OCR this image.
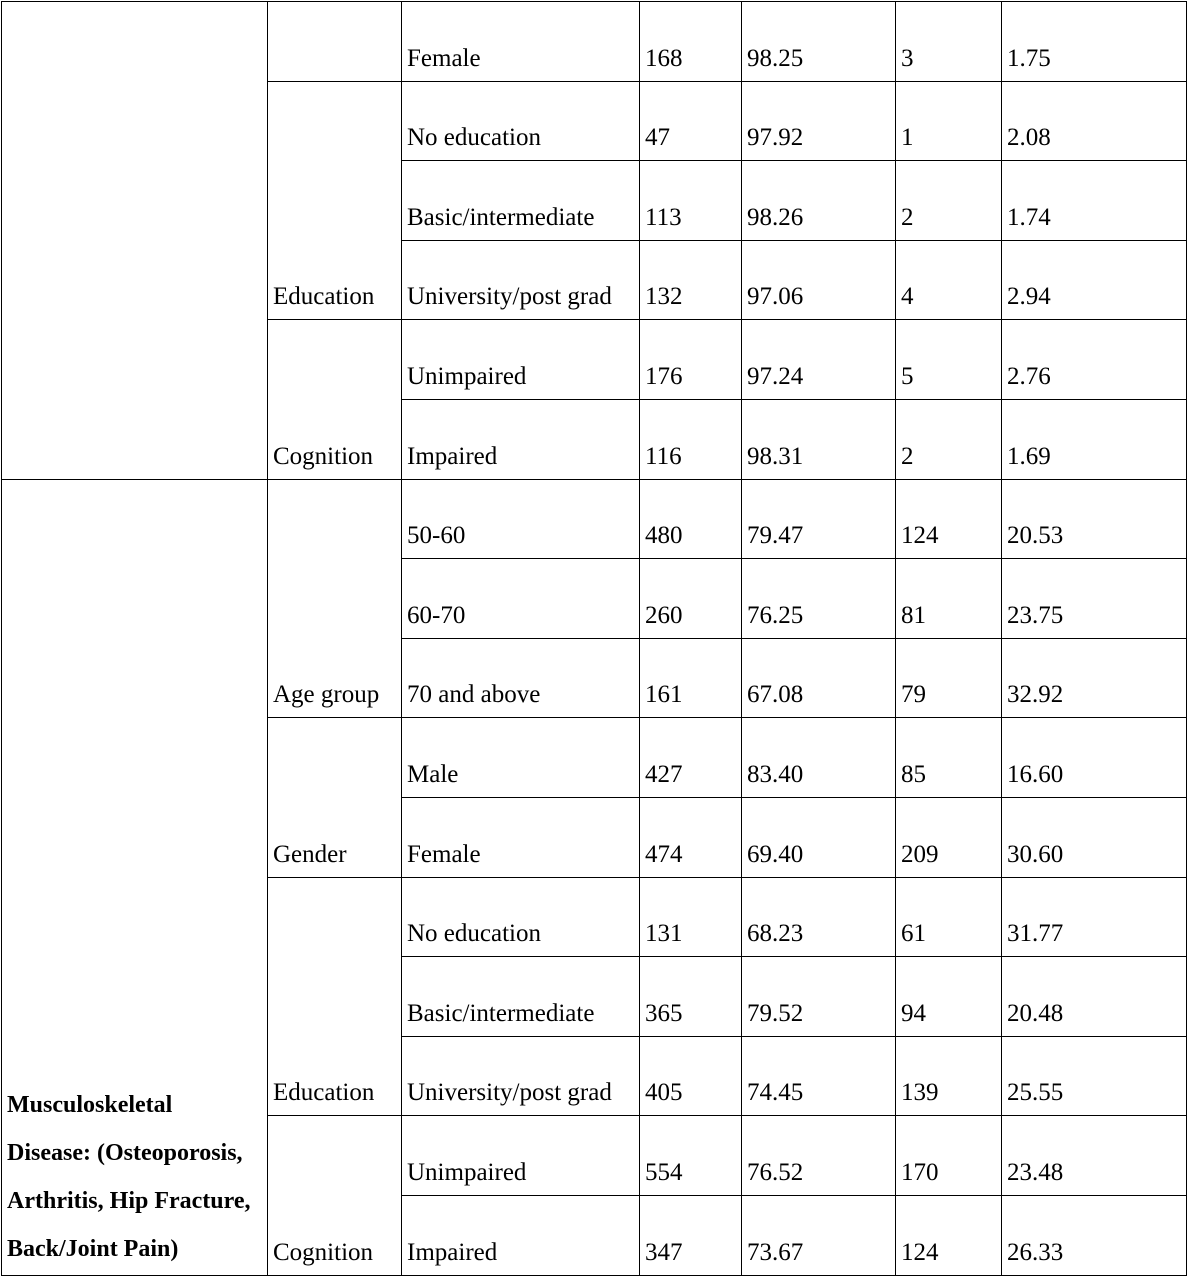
		Female	168	98.25	3	1.75
	Education	No education	47	97.92	1	2.08
		Basic/intermediate	113	98.26	2	1.74
		University/post grad	132	97.06	4	2.94
	Cognition	Unimpaired	176	97.24	5	2.76
		Impaired	116	98.31	2	1.69
Musculoskeletal Disease: (Osteoporosis, Arthritis, Hip Fracture, Back/Joint Pain)	Age group	50-60	480	79.47	124	20.53
		60-70	260	76.25	81	23.75
		70 and above	161	67.08	79	32.92
	Gender	Male	427	83.40	85	16.60
		Female	474	69.40	209	30.60
	Education	No education	131	68.23	61	31.77
		Basic/intermediate	365	79.52	94	20.48
		University/post grad	405	74.45	139	25.55
	Cognition	Unimpaired	554	76.52	170	23.48
		Impaired	347	73.67	124	26.33
